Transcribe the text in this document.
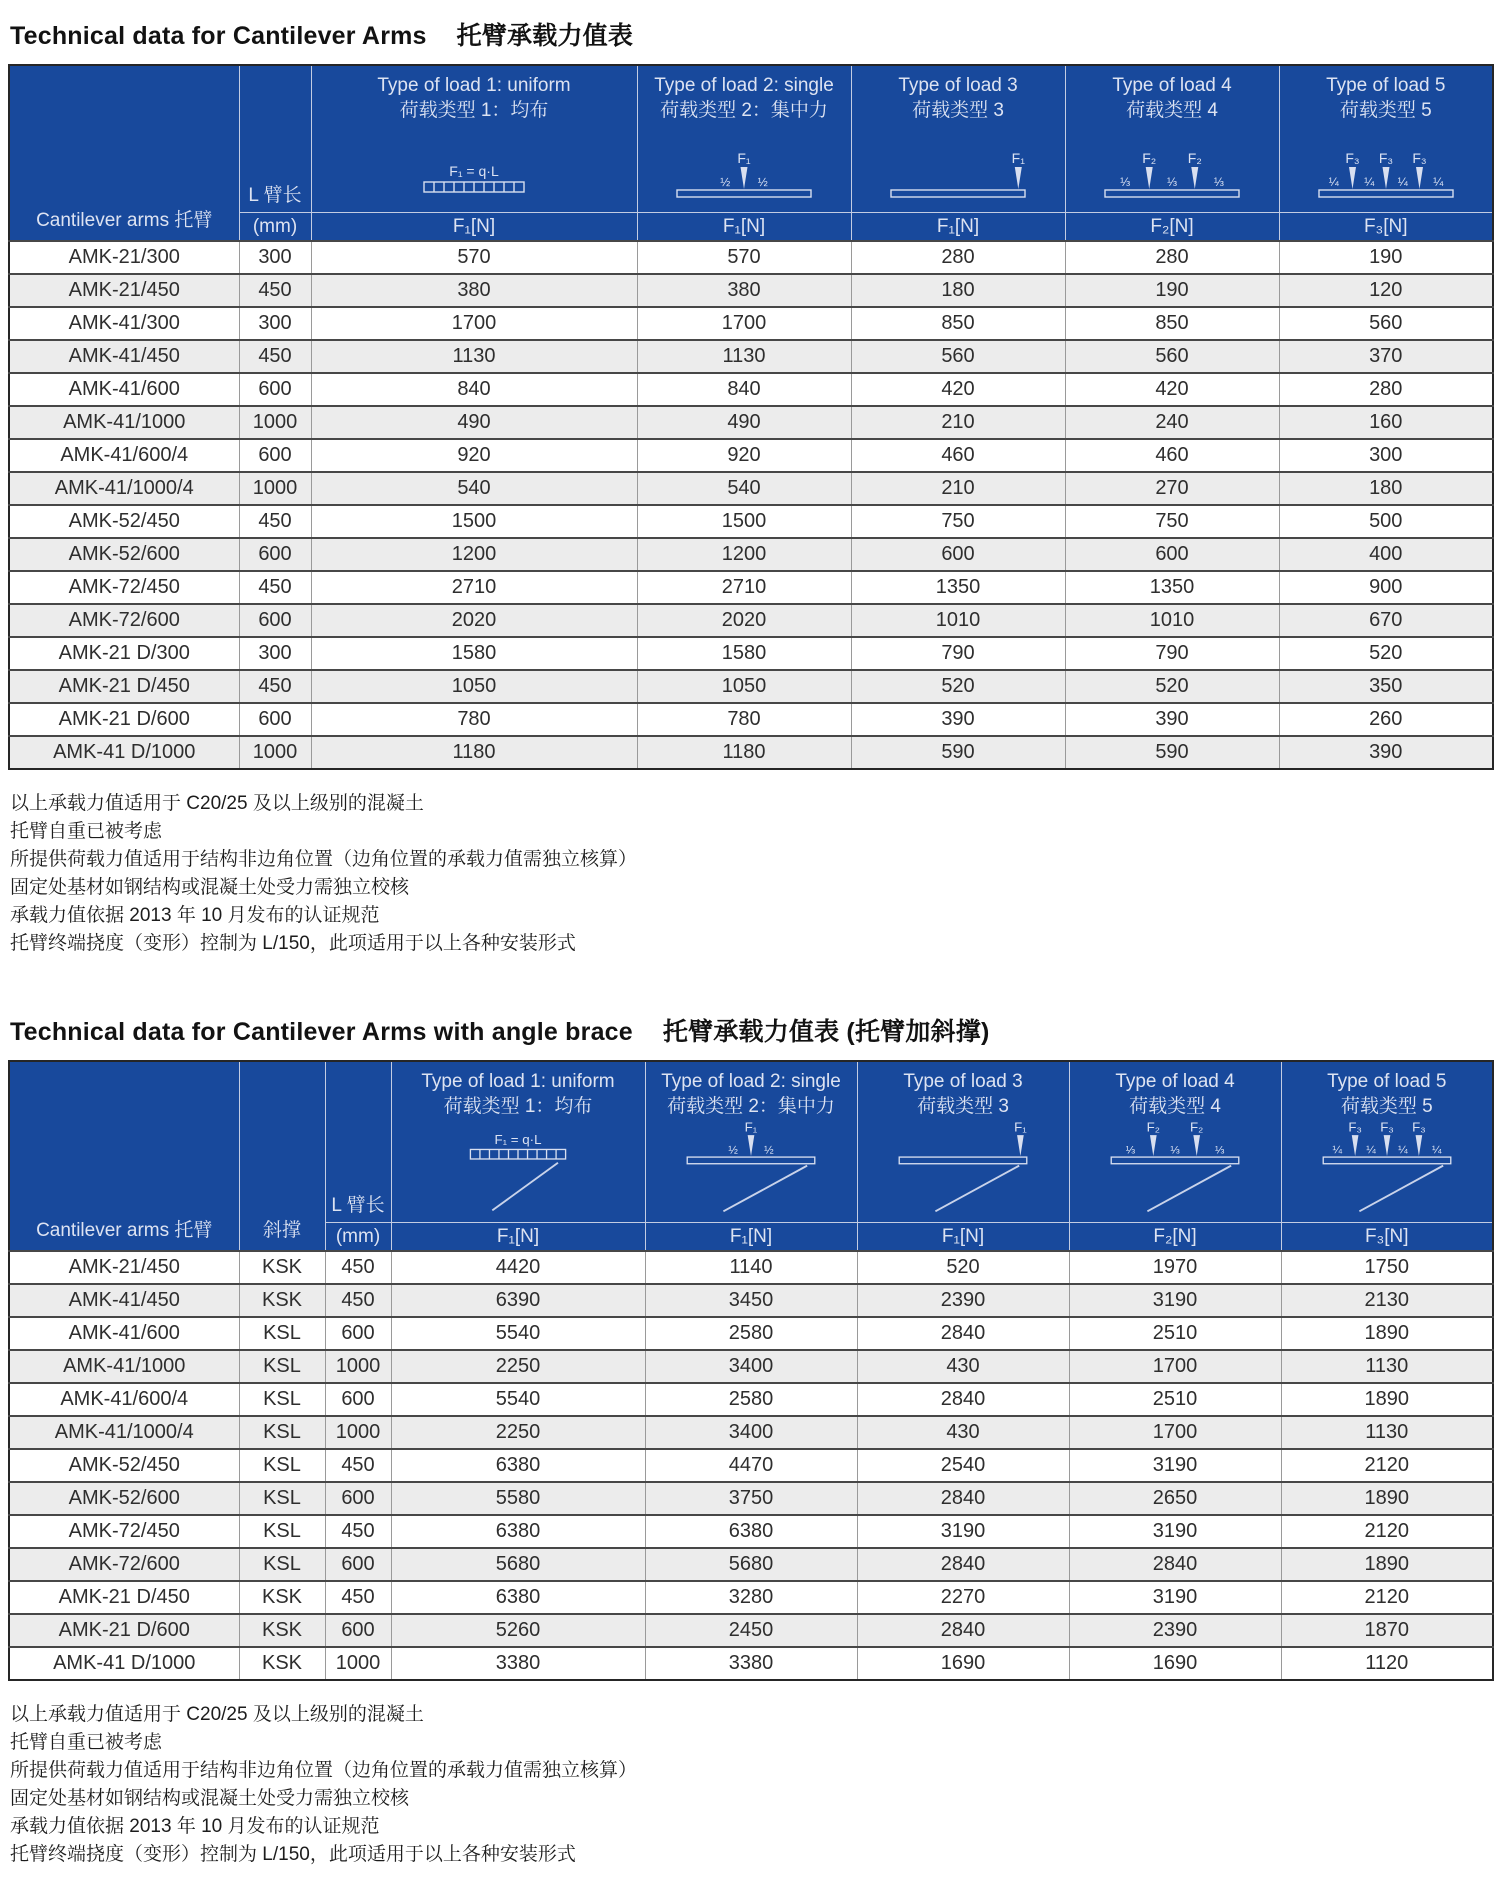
Technical data for Cantilever Arms 托臂承载力值表
Cantilever arms 托臂	L 臂长	
Type of load 1: uniform
荷载类型 1：均布
F₁ = q·L

Type of load 2: single
荷载类型 2：集中力
F₁
½ ½

Type of load 3
荷载类型 3
F₁

Type of load 4
荷载类型 4
F₂ F₂
⅓	⅓	⅓

Type of load 5
荷载类型 5
F₃ F₃ F₃
¼ ¼ ¼ ¼

	(mm)	F₁[N]	F₁[N]	F₁[N]	F₂[N]	F₃[N]
AMK-21/300	300	570	570	280	280	190
AMK-21/450	450	380	380	180	190	120
AMK-41/300	300	1700	1700	850	850	560
AMK-41/450	450	1130	1130	560	560	370
AMK-41/600	600	840	840	420	420	280
AMK-41/1000	1000	490	490	210	240	160
AMK-41/600/4	600	920	920	460	460	300
AMK-41/1000/4	1000	540	540	210	270	180
AMK-52/450	450	1500	1500	750	750	500
AMK-52/600	600	1200	1200	600	600	400
AMK-72/450	450	2710	2710	1350	1350	900
AMK-72/600	600	2020	2020	1010	1010	670
AMK-21 D/300	300	1580	1580	790	790	520
AMK-21 D/450	450	1050	1050	520	520	350
AMK-21 D/600	600	780	780	390	390	260
AMK-41 D/1000	1000	1180	1180	590	590	390
以上承载力值适用于 C20/25 及以上级别的混凝土
托臂自重已被考虑
所提供荷载力值适用于结构非边角位置（边角位置的承载力值需独立核算）
固定处基材如钢结构或混凝土处受力需独立校核
承载力值依据 2013 年 10 月发布的认证规范
托臂终端挠度（变形）控制为 L/150，此项适用于以上各种安装形式
Technical data for Cantilever Arms with angle brace 托臂承载力值表 (托臂加斜撑)
Cantilever arms 托臂	斜撑	L 臂长	
Type of load 1: uniform
荷载类型 1：均布
F₁ = q·L

Type of load 2: single
荷载类型 2：集中力
F₁
½ ½

Type of load 3
荷载类型 3
F₁

Type of load 4
荷载类型 4
F₂ F₂
⅓	⅓	⅓

Type of load 5
荷载类型 5
F₃ F₃ F₃
¼ ¼ ¼ ¼

		(mm)	F₁[N]	F₁[N]	F₁[N]	F₂[N]	F₃[N]
AMK-21/450	KSK	450	4420	1140	520	1970	1750
AMK-41/450	KSK	450	6390	3450	2390	3190	2130
AMK-41/600	KSL	600	5540	2580	2840	2510	1890
AMK-41/1000	KSL	1000	2250	3400	430	1700	1130
AMK-41/600/4	KSL	600	5540	2580	2840	2510	1890
AMK-41/1000/4	KSL	1000	2250	3400	430	1700	1130
AMK-52/450	KSL	450	6380	4470	2540	3190	2120
AMK-52/600	KSL	600	5580	3750	2840	2650	1890
AMK-72/450	KSL	450	6380	6380	3190	3190	2120
AMK-72/600	KSL	600	5680	5680	2840	2840	1890
AMK-21 D/450	KSK	450	6380	3280	2270	3190	2120
AMK-21 D/600	KSK	600	5260	2450	2840	2390	1870
AMK-41 D/1000	KSK	1000	3380	3380	1690	1690	1120
以上承载力值适用于 C20/25 及以上级别的混凝土
托臂自重已被考虑
所提供荷载力值适用于结构非边角位置（边角位置的承载力值需独立核算）
固定处基材如钢结构或混凝土处受力需独立校核
承载力值依据 2013 年 10 月发布的认证规范
托臂终端挠度（变形）控制为 L/150，此项适用于以上各种安装形式
